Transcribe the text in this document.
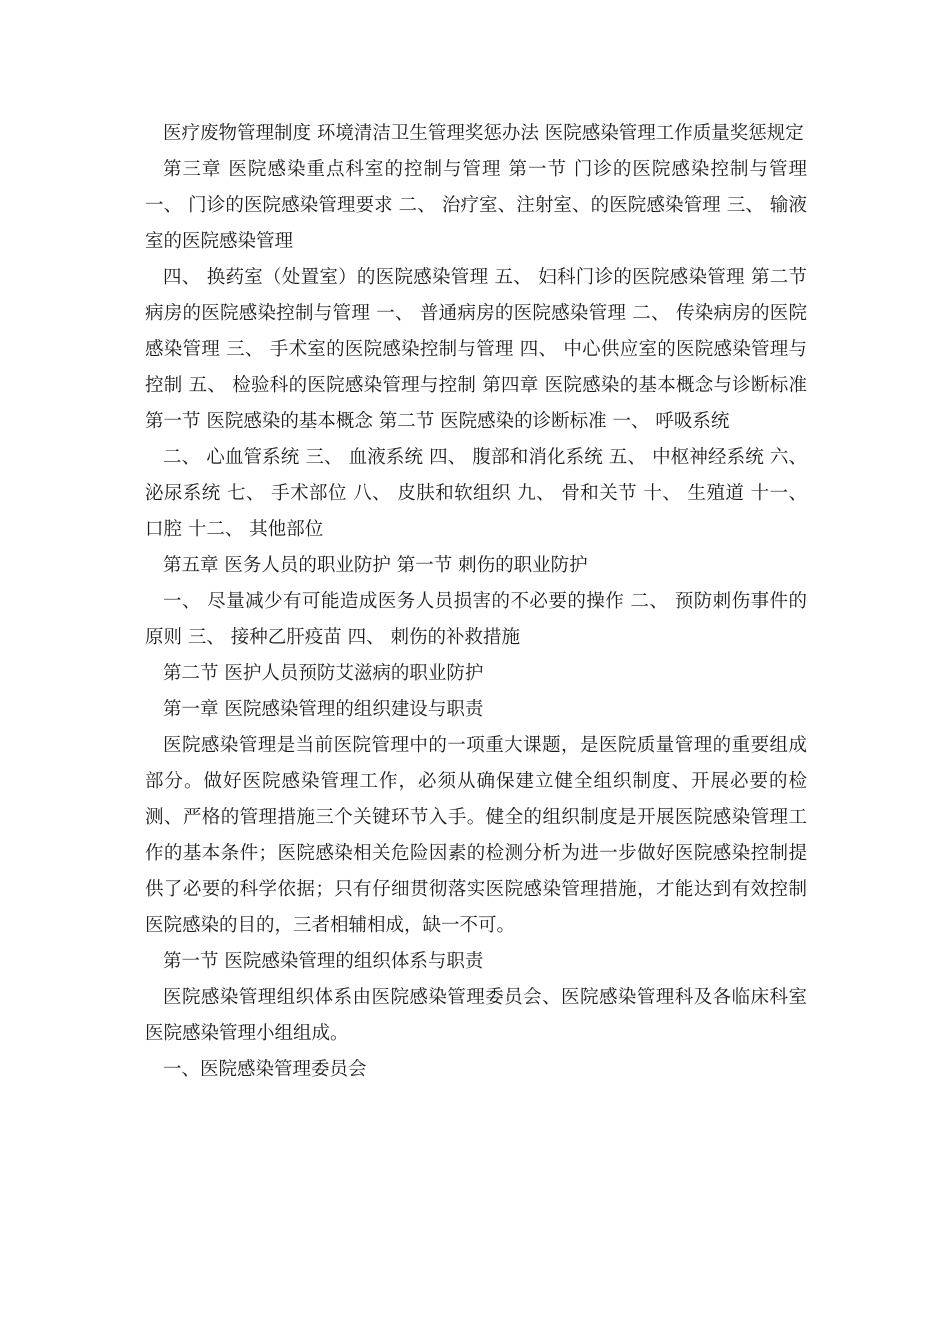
医疗废物管理制度 环境清洁卫生管理奖惩办法 医院感染管理工作质量奖惩规定

第三章 医院感染重点科室的控制与管理 第一节 门诊的医院感染控制与管理 一、 门诊的医院感染管理要求 二、 治疗室、注射室、的医院感染管理 三、 输液室的医院感染管理

四、 换药室（处置室）的医院感染管理 五、 妇科门诊的医院感染管理 第二节 病房的医院感染控制与管理 一、 普通病房的医院感染管理 二、 传染病房的医院感染管理 三、 手术室的医院感染控制与管理 四、 中心供应室的医院感染管理与控制 五、 检验科的医院感染管理与控制 第四章 医院感染的基本概念与诊断标准 第一节 医院感染的基本概念 第二节 医院感染的诊断标准 一、 呼吸系统

二、 心血管系统 三、 血液系统 四、 腹部和消化系统 五、 中枢神经系统 六、 泌尿系统 七、 手术部位 八、 皮肤和软组织 九、 骨和关节 十、 生殖道 十一、 口腔 十二、 其他部位

第五章 医务人员的职业防护 第一节 刺伤的职业防护

一、 尽量减少有可能造成医务人员损害的不必要的操作 二、 预防刺伤事件的原则 三、 接种乙肝疫苗 四、 刺伤的补救措施

第二节 医护人员预防艾滋病的职业防护

第一章 医院感染管理的组织建设与职责

医院感染管理是当前医院管理中的一项重大课题，是医院质量管理的重要组成部分。做好医院感染管理工作，必须从确保建立健全组织制度、开展必要的检测、严格的管理措施三个关键环节入手。健全的组织制度是开展医院感染管理工作的基本条件；医院感染相关危险因素的检测分析为进一步做好医院感染控制提供了必要的科学依据；只有仔细贯彻落实医院感染管理措施，才能达到有效控制医院感染的目的，三者相辅相成，缺一不可。

第一节 医院感染管理的组织体系与职责

医院感染管理组织体系由医院感染管理委员会、医院感染管理科及各临床科室医院感染管理小组组成。

一、医院感染管理委员会
